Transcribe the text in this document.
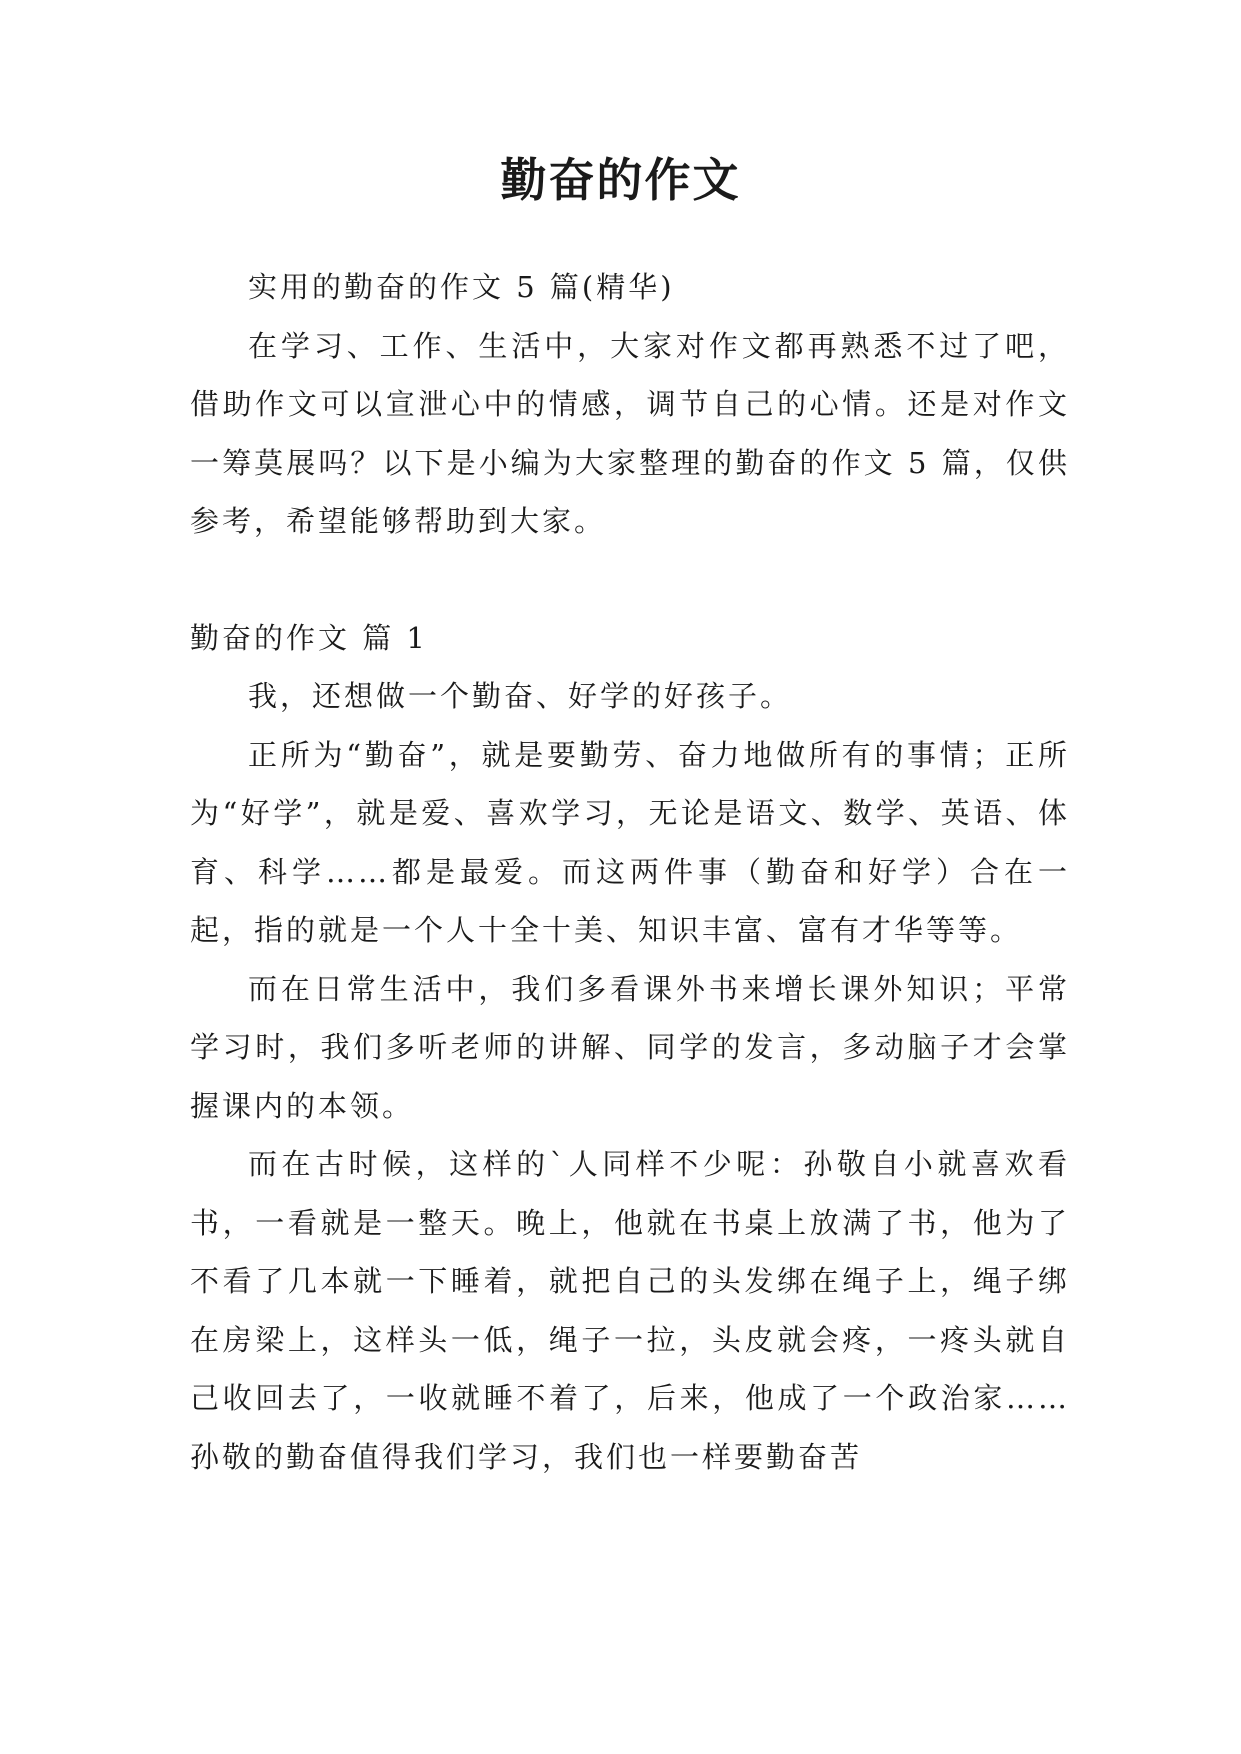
勤奋的作文

实用的勤奋的作文 5 篇(精华)

在学习、工作、生活中，大家对作文都再熟悉不过了吧，借助作文可以宣泄心中的情感，调节自己的心情。还是对作文一筹莫展吗？以下是小编为大家整理的勤奋的作文 5 篇，仅供参考，希望能够帮助到大家。

勤奋的作文 篇 1

我，还想做一个勤奋、好学的好孩子。

正所为“勤奋”，就是要勤劳、奋力地做所有的事情；正所为“好学”，就是爱、喜欢学习，无论是语文、数学、英语、体育、科学……都是最爱。而这两件事（勤奋和好学）合在一起，指的就是一个人十全十美、知识丰富、富有才华等等。

而在日常生活中，我们多看课外书来增长课外知识；平常学习时，我们多听老师的讲解、同学的发言，多动脑子才会掌握课内的本领。

而在古时候，这样的`人同样不少呢：孙敬自小就喜欢看书，一看就是一整天。晚上，他就在书桌上放满了书，他为了不看了几本就一下睡着，就把自己的头发绑在绳子上，绳子绑在房梁上，这样头一低，绳子一拉，头皮就会疼，一疼头就自己收回去了，一收就睡不着了，后来，他成了一个政治家……孙敬的勤奋值得我们学习，我们也一样要勤奋苦
